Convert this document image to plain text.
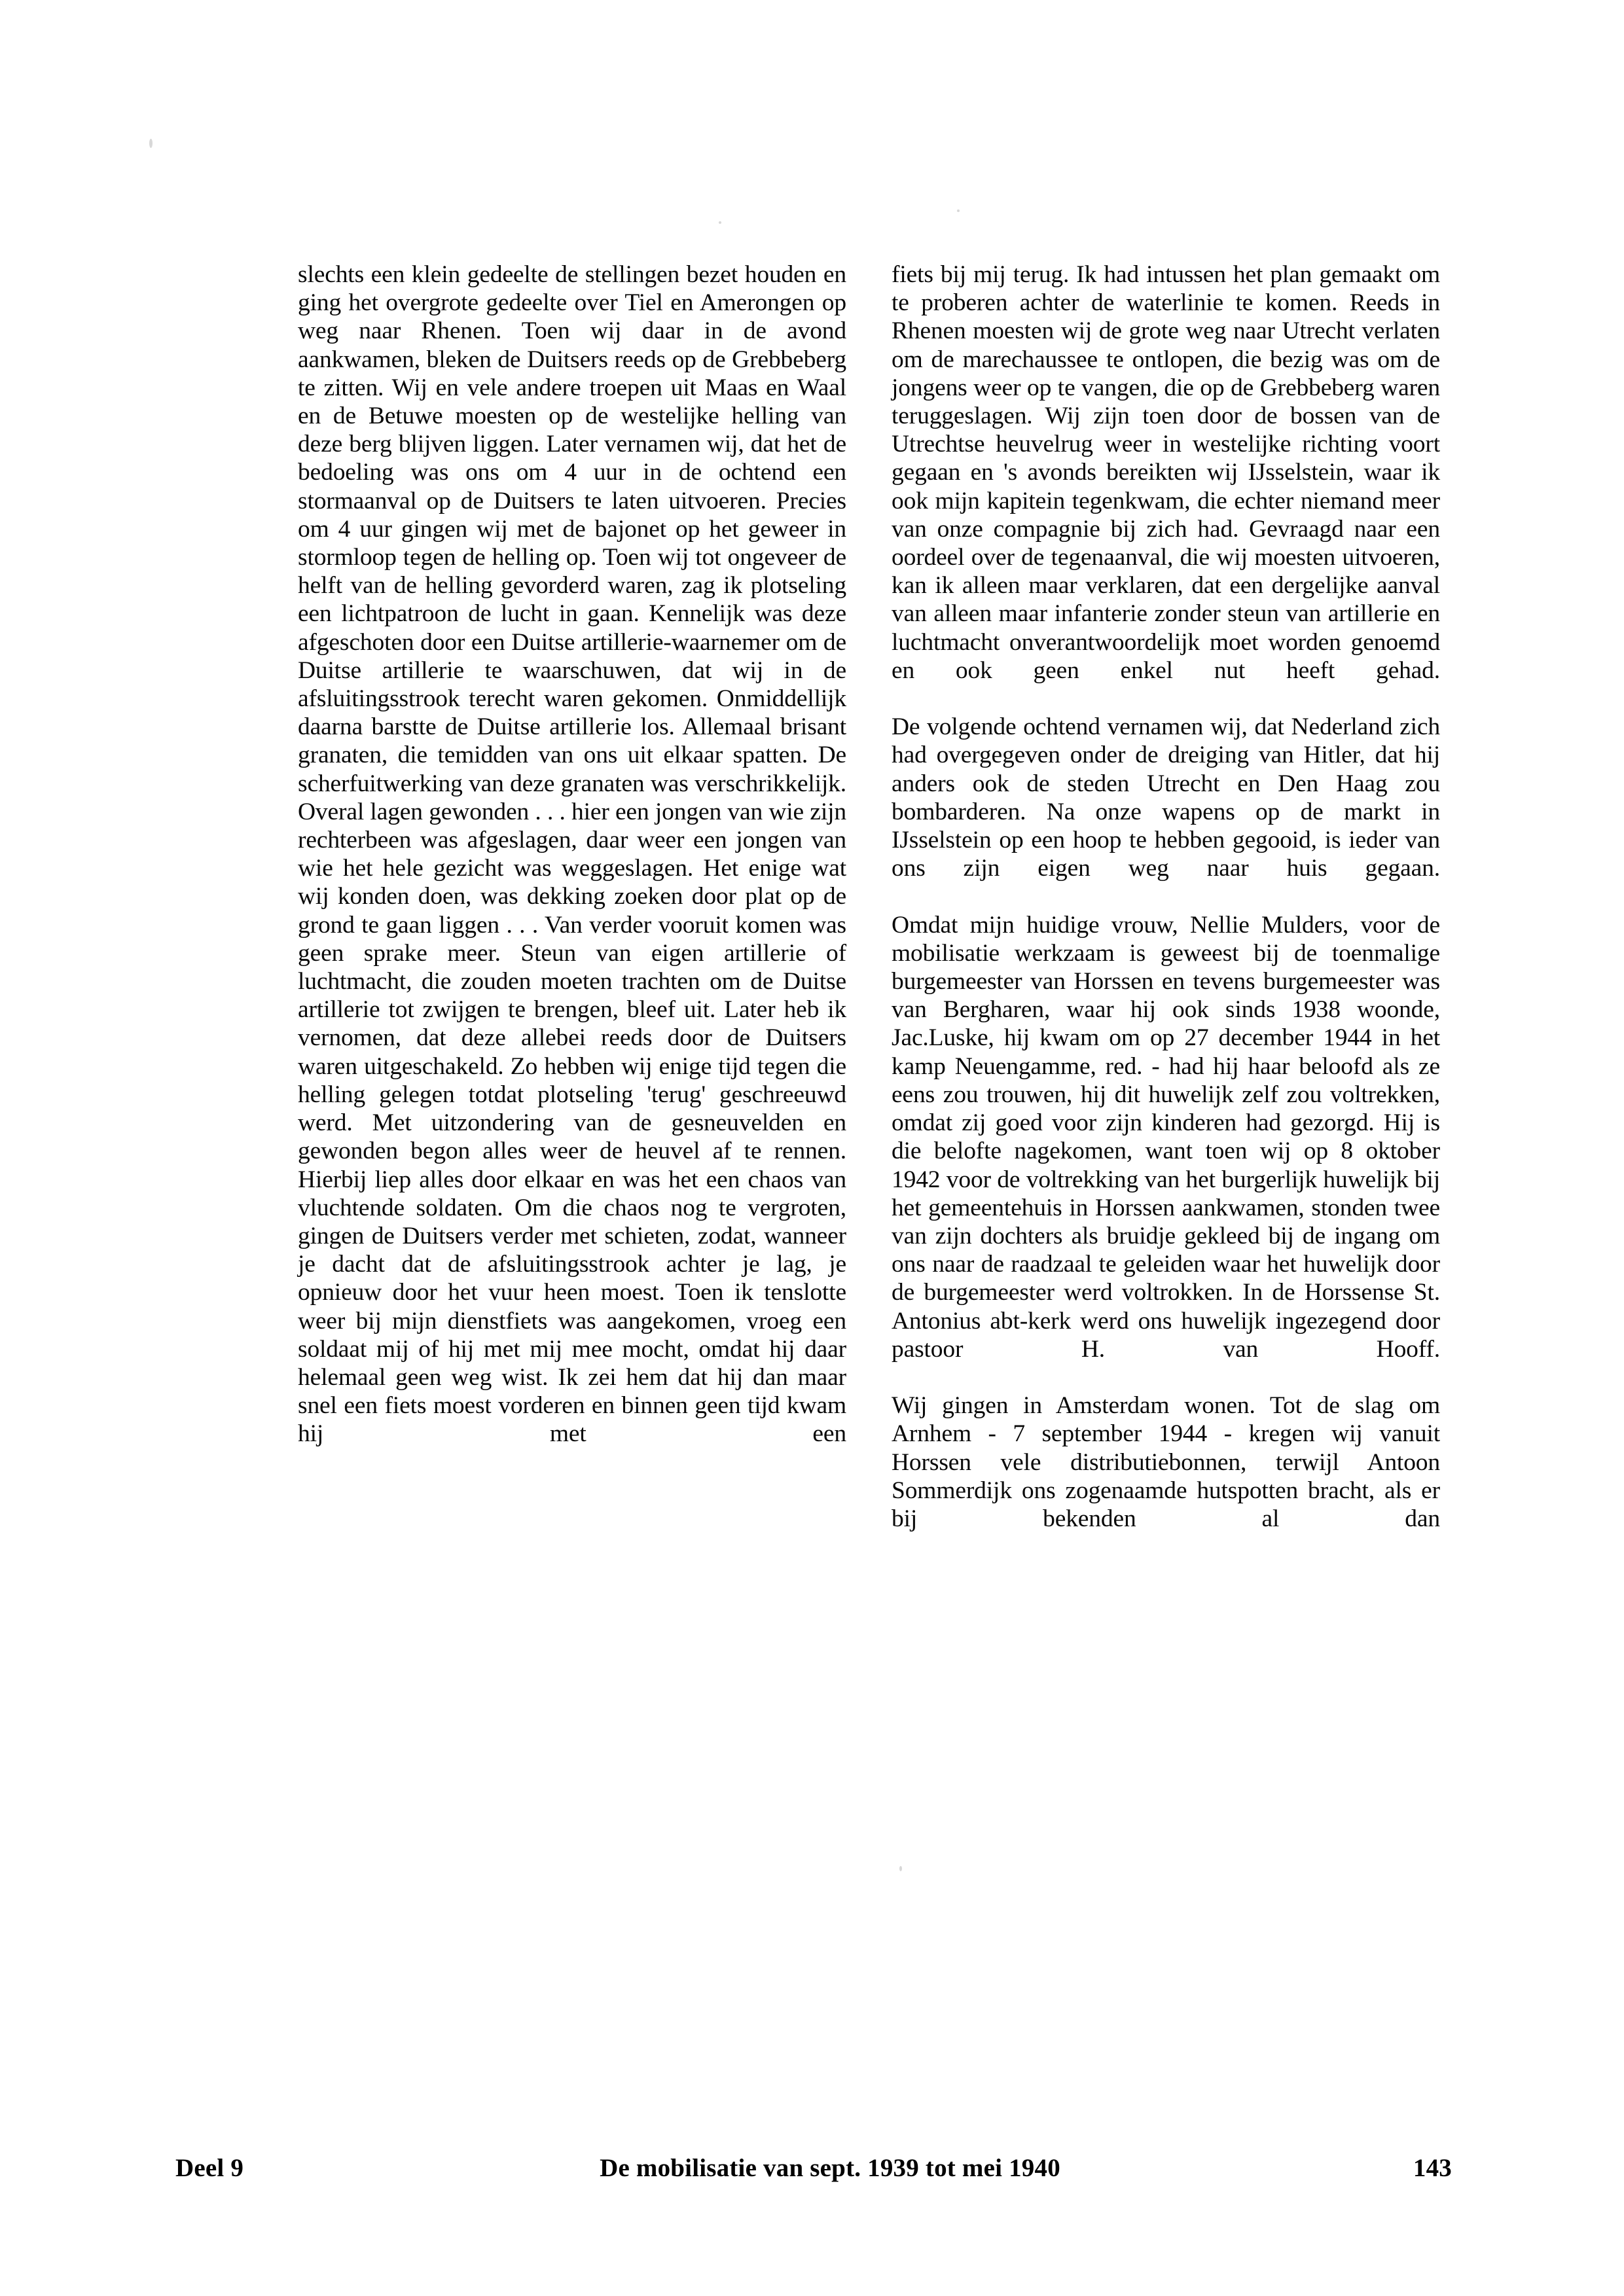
slechts een klein gedeelte de stellingen bezet houden en ging het overgrote gedeelte over Tiel en Amerongen op weg naar Rhenen. Toen wij daar in de avond aankwamen, bleken de Duitsers reeds op de Grebbeberg te zitten. Wij en vele andere troepen uit Maas en Waal en de Betuwe moesten op de westelijke helling van deze berg blijven liggen. Later vernamen wij, dat het de bedoeling was ons om 4 uur in de ochtend een stormaanval op de Duitsers te laten uitvoeren. Precies om 4 uur gingen wij met de bajonet op het geweer in stormloop tegen de helling op. Toen wij tot ongeveer de helft van de helling gevorderd waren, zag ik plotseling een lichtpatroon de lucht in gaan. Kennelijk was deze afgeschoten door een Duitse artillerie-waarnemer om de Duitse artillerie te waarschuwen, dat wij in de afsluitingsstrook terecht waren gekomen. Onmiddellijk daarna barstte de Duitse artillerie los. Allemaal brisant granaten, die temidden van ons uit elkaar spatten. De scherfuitwerking van deze granaten was verschrikkelijk. Overal lagen gewonden . . . hier een jongen van wie zijn rechterbeen was afgeslagen, daar weer een jongen van wie het hele gezicht was weggeslagen. Het enige wat wij konden doen, was dekking zoeken door plat op de grond te gaan liggen . . . Van verder vooruit komen was geen sprake meer. Steun van eigen artillerie of luchtmacht, die zouden moeten trachten om de Duitse artillerie tot zwijgen te brengen, bleef uit. Later heb ik vernomen, dat deze allebei reeds door de Duitsers waren uitgeschakeld. Zo hebben wij enige tijd tegen die helling gelegen totdat plotseling 'terug' geschreeuwd werd. Met uitzondering van de gesneuvelden en gewonden begon alles weer de heuvel af te rennen. Hierbij liep alles door elkaar en was het een chaos van vluchtende soldaten. Om die chaos nog te vergroten, gingen de Duitsers verder met schieten, zodat, wanneer je dacht dat de afsluitingsstrook achter je lag, je opnieuw door het vuur heen moest. Toen ik tenslotte weer bij mijn dienstfiets was aangekomen, vroeg een soldaat mij of hij met mij mee mocht, omdat hij daar helemaal geen weg wist. Ik zei hem dat hij dan maar snel een fiets moest vorderen en binnen geen tijd kwam hij met een

fiets bij mij terug. Ik had intussen het plan gemaakt om te proberen achter de waterlinie te komen. Reeds in Rhenen moesten wij de grote weg naar Utrecht verlaten om de marechaussee te ontlopen, die bezig was om de jongens weer op te vangen, die op de Grebbeberg waren teruggeslagen. Wij zijn toen door de bossen van de Utrechtse heuvelrug weer in westelijke richting voort gegaan en 's avonds bereikten wij IJsselstein, waar ik ook mijn kapitein tegenkwam, die echter niemand meer van onze compagnie bij zich had. Gevraagd naar een oordeel over de tegenaanval, die wij moesten uitvoeren, kan ik alleen maar verklaren, dat een dergelijke aanval van alleen maar infanterie zonder steun van artillerie en luchtmacht onverantwoordelijk moet worden genoemd en ook geen enkel nut heeft gehad.

De volgende ochtend vernamen wij, dat Nederland zich had overgegeven onder de dreiging van Hitler, dat hij anders ook de steden Utrecht en Den Haag zou bombarderen. Na onze wapens op de markt in IJsselstein op een hoop te hebben gegooid, is ieder van ons zijn eigen weg naar huis gegaan.

Omdat mijn huidige vrouw, Nellie Mulders, voor de mobilisatie werkzaam is geweest bij de toenmalige burgemeester van Horssen en tevens burgemeester was van Bergharen, waar hij ook sinds 1938 woonde, Jac.Luske, hij kwam om op 27 december 1944 in het kamp Neuengamme, red. - had hij haar beloofd als ze eens zou trouwen, hij dit huwelijk zelf zou voltrekken, omdat zij goed voor zijn kinderen had gezorgd. Hij is die belofte nagekomen, want toen wij op 8 oktober 1942 voor de voltrekking van het burgerlijk huwelijk bij het gemeentehuis in Horssen aankwamen, stonden twee van zijn dochters als bruidje gekleed bij de ingang om ons naar de raadzaal te geleiden waar het huwelijk door de burgemeester werd voltrokken. In de Horssense St. Antonius abt-kerk werd ons huwelijk ingezegend door pastoor H. van Hooff.

Wij gingen in Amsterdam wonen. Tot de slag om Arnhem - 7 september 1944 - kregen wij vanuit Horssen vele distributiebonnen, terwijl Antoon Sommerdijk ons zogenaamde hutspotten bracht, als er bij bekenden al dan

Deel 9	De mobilisatie van sept. 1939 tot mei 1940	143
